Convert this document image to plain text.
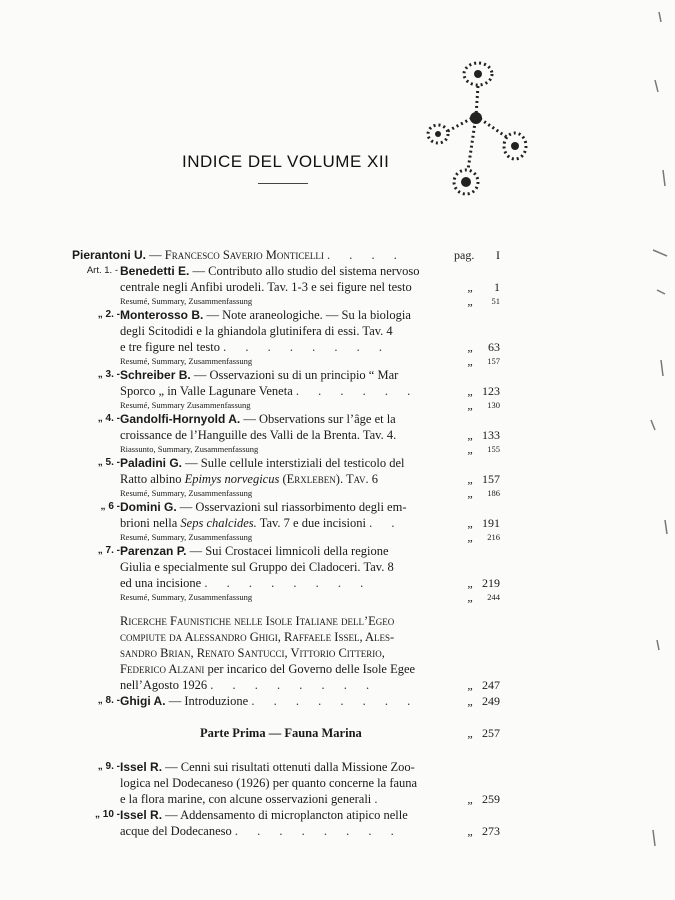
INDICE DEL VOLUME XII
Pierantoni U. — Francesco Saverio Monticelli . . . .	pag. I
Art. 1. - Benedetti E. — Contributo allo studio del sistema nervoso
centrale negli Anfibi urodeli. Tav. 1-3 e sei figure nel testo	„	1
Resumé, Summary, Zusammenfassung	„	51
„ 2. - Monterosso B. — Note araneologiche. — Su la biologia
degli Scitodidi e la ghiandola glutinifera di essi. Tav. 4
e tre figure nel testo . . . . . . . .	„	63
Resumé, Summary, Zusammenfassung	„	157
„ 3. - Schreiber B. — Osservazioni su di un principio “ Mar
Sporco „ in Valle Lagunare Veneta . . . . . .	„ 123
Resumé, Summary Zusammenfassung	„	130
„ 4. - Gandolfi-Hornyold A. — Observations sur l’âge et la
croissance de l’Hanguille des Valli de la Brenta. Tav. 4.	„ 133
Riassunto, Summary, Zusammenfassung	„	155
„ 5. - Paladini G. — Sulle cellule interstiziali del testicolo del
Ratto albino Epimys norvegicus (Erxleben). Tav. 6	„ 157
Resumé, Summary, Zusammenfassung	„	186
„ 6 - Domini G. — Osservazioni sul riassorbimento degli em-
brioni nella Seps chalcides. Tav. 7 e due incisioni . .	„ 191
Resumé, Summary, Zusammenfassung	„	216
„ 7. - Parenzan P. — Sui Crostacei limnicoli della regione
Giulia e specialmente sul Gruppo dei Cladoceri. Tav. 8
ed una incisione . . . . . . . .	„ 219
Resumé, Summary, Zusammenfassung	„	244
Ricerche Faunistiche nelle Isole Italiane dell’Egeo
compiute da Alessandro Ghigi, Raffaele Issel, Ales-
sandro Brian, Renato Santucci, Vittorio Citterio,
Federico Alzani per incarico del Governo delle Isole Egee
nell’Agosto 1926 . . . . . . . .	„ 247
„ 8. - Ghigi A. — Introduzione . . . . . . . .	„ 249
Parte Prima — Fauna Marina	„ 257
„ 9. - Issel R. — Cenni sui risultati ottenuti dalla Missione Zoo-
logica nel Dodecaneso (1926) per quanto concerne la fauna
e la flora marine, con alcune osservazioni generali .	„ 259
„ 10 - Issel R. — Addensamento di microplancton atipico nelle
acque del Dodecaneso . . . . . . . .	„ 273
